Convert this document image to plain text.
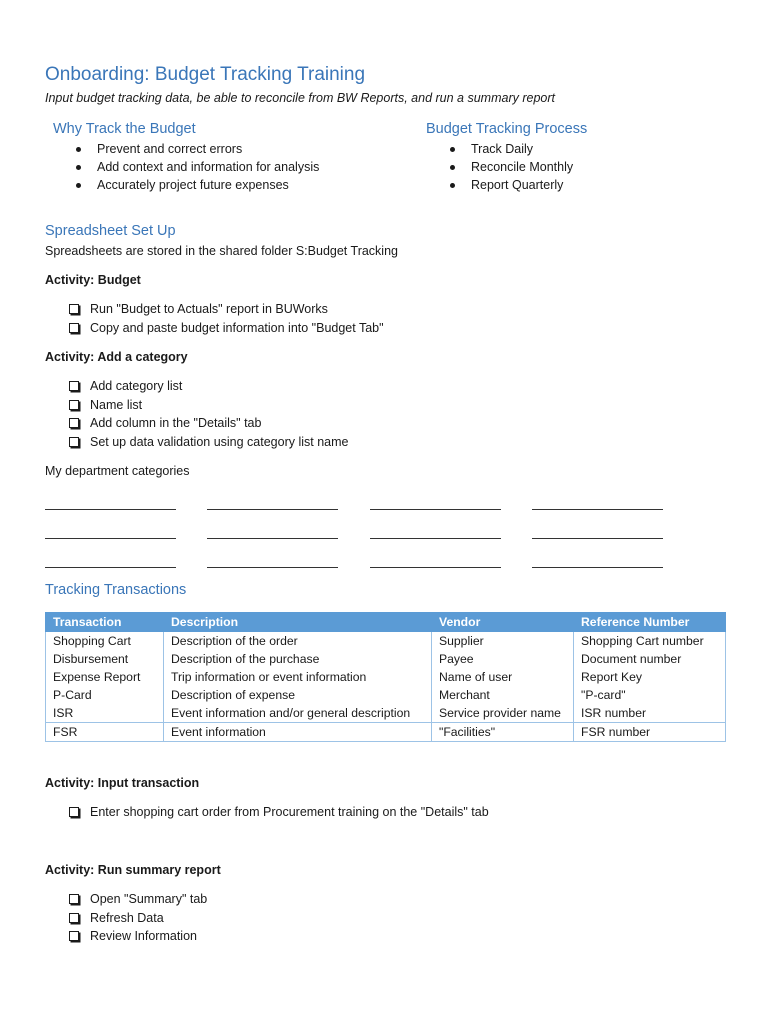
Onboarding: Budget Tracking Training
Input budget tracking data, be able to reconcile from BW Reports, and run a summary report
Why Track the Budget
Prevent and correct errors
Add context and information for analysis
Accurately project future expenses
Budget Tracking Process
Track Daily
Reconcile Monthly
Report Quarterly
Spreadsheet Set Up
Spreadsheets are stored in the shared folder S:Budget Tracking
Activity: Budget
Run "Budget to Actuals" report in BUWorks
Copy and paste budget information into "Budget Tab"
Activity: Add a category
Add category list
Name list
Add column in the "Details" tab
Set up data validation using category list name
My department categories
Tracking Transactions
Transaction	Description	Vendor	Reference Number
Shopping Cart	Description of the order	Supplier	Shopping Cart number
Disbursement	Description of the purchase	Payee	Document number
Expense Report	Trip information or event information	Name of user	Report Key
P-Card	Description of expense	Merchant	"P-card"
ISR	Event information and/or general description	Service provider name	ISR number
FSR	Event information	"Facilities"	FSR number
Activity: Input transaction
Enter shopping cart order from Procurement training on the "Details" tab
Activity: Run summary report
Open "Summary" tab
Refresh Data
Review Information
